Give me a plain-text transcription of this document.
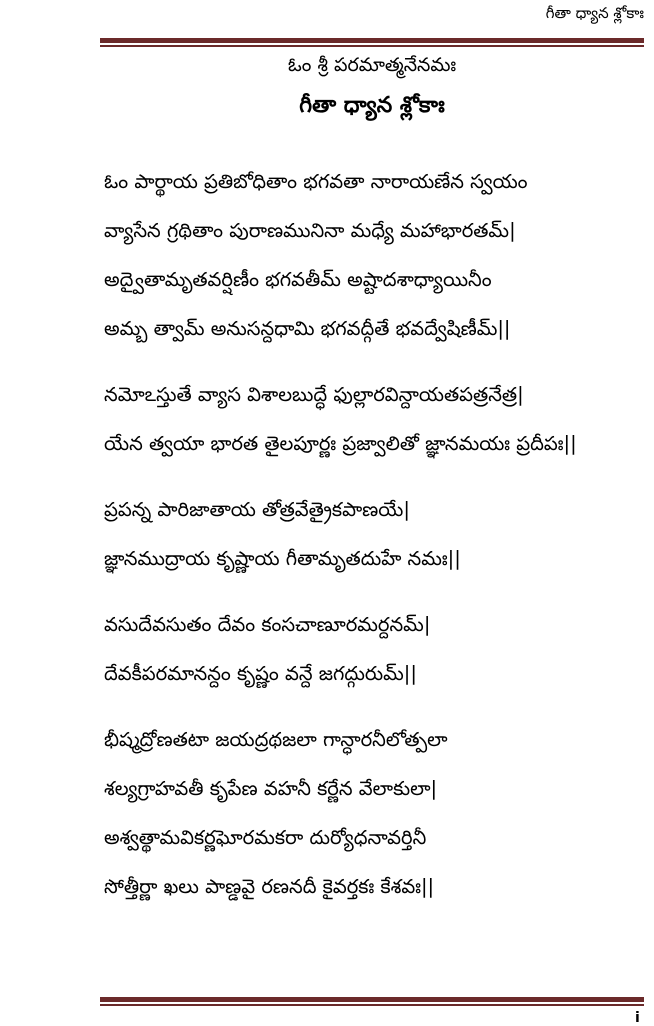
గీతా ధ్యాన శ్లోకాః
ఓం శ్రీ పరమాత్మనేనమః
గీతా ధ్యాన శ్లోకాః
ఓం పార్థాయ ప్రతిబోధితాం భగవతా నారాయణేన స్వయం
వ్యాసేన గ్రథితాం పురాణమునినా మధ్యే మహాభారతమ్|
అద్వైతామృతవర్షిణీం భగవతీమ్ అష్టాదశాధ్యాయినీం
అమ్బ త్వామ్ అనుసన్దధామి భగవద్గీతే భవద్వేషిణీమ్||
నమోఽస్తుతే వ్యాస విశాలబుద్ధే ఫుల్లారవిన్దాయతపత్రనేత్ర|
యేన త్వయా భారత తైలపూర్ణః ప్రజ్వాలితో జ్ఞానమయః ప్రదీపః||
ప్రపన్న పారిజాతాయ తోత్రవేత్రైకపాణయే|
జ్ఞానముద్రాయ కృష్ణాయ గీతామృతదుహే నమః||
వసుదేవసుతం దేవం కంసచాణూరమర్దనమ్|
దేవకీపరమానన్దం కృష్ణం వన్దే జగద్గురుమ్||
భీష్మద్రోణతటా జయద్రథజలా గాన్ధారనీలోత్పలా
శల్యగ్రాహవతీ కృపేణ వహనీ కర్ణేన వేలాకులా|
అశ్వత్థామవికర్ణఘోరమకరా దుర్యోధనావర్తినీ
సోత్తీర్ణా ఖలు పాణ్డవై రణనదీ కైవర్తకః కేశవః||
i
